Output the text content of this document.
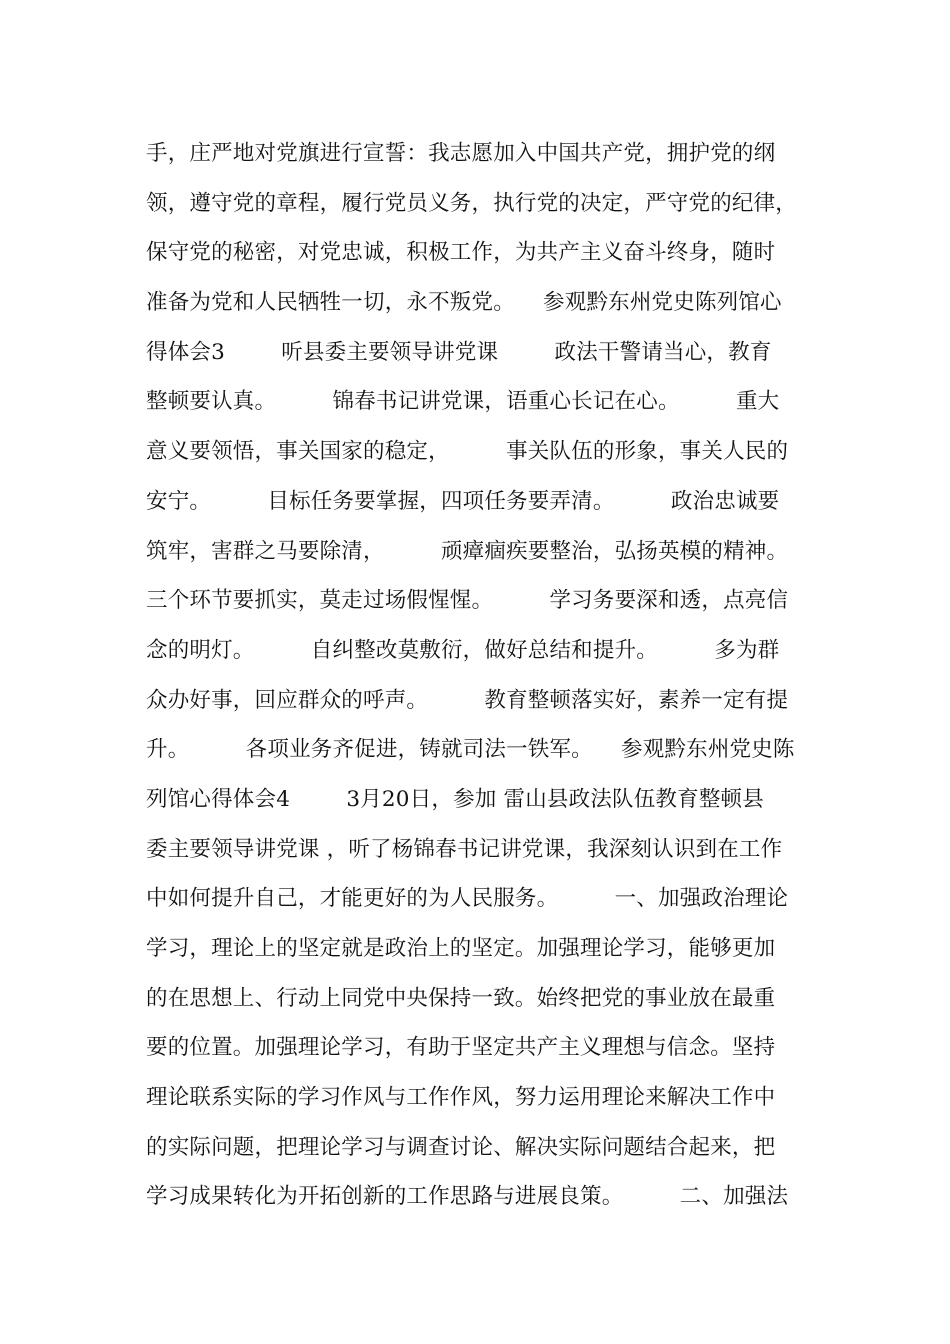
手，庄严地对党旗进行宣誓：我志愿加入中国共产党，拥护党的纲
领，遵守党的章程，履行党员义务，执行党的决定，严守党的纪律，
保守党的秘密，对党忠诚，积极工作，为共产主义奋斗终身，随时
准备为党和人民牺牲一切，永不叛党。    参观黔东州党史陈列馆心
得体会3        听县委主要领导讲党课        政法干警请当心，教育
整顿要认真。        锦春书记讲党课，语重心长记在心。        重大
意义要领悟，事关国家的稳定，        事关队伍的形象，事关人民的
安宁。        目标任务要掌握，四项任务要弄清。        政治忠诚要
筑牢，害群之马要除清，        顽瘴痼疾要整治，弘扬英模的精神。
三个环节要抓实，莫走过场假惺惺。        学习务要深和透，点亮信
念的明灯。        自纠整改莫敷衍，做好总结和提升。        多为群
众办好事，回应群众的呼声。        教育整顿落实好，素养一定有提
升。        各项业务齐促进，铸就司法一铁军。    参观黔东州党史陈
列馆心得体会4        3月20日，参加 雷山县政法队伍教育整顿县
委主要领导讲党课 ，听了杨锦春书记讲党课，我深刻认识到在工作
中如何提升自己，才能更好的为人民服务。        一、加强政治理论
学习，理论上的坚定就是政治上的坚定。加强理论学习，能够更加
的在思想上、行动上同党中央保持一致。始终把党的事业放在最重
要的位置。加强理论学习，有助于坚定共产主义理想与信念。坚持
理论联系实际的学习作风与工作作风，努力运用理论来解决工作中
的实际问题，把理论学习与调查讨论、解决实际问题结合起来，把
学习成果转化为开拓创新的工作思路与进展良策。        二、加强法
